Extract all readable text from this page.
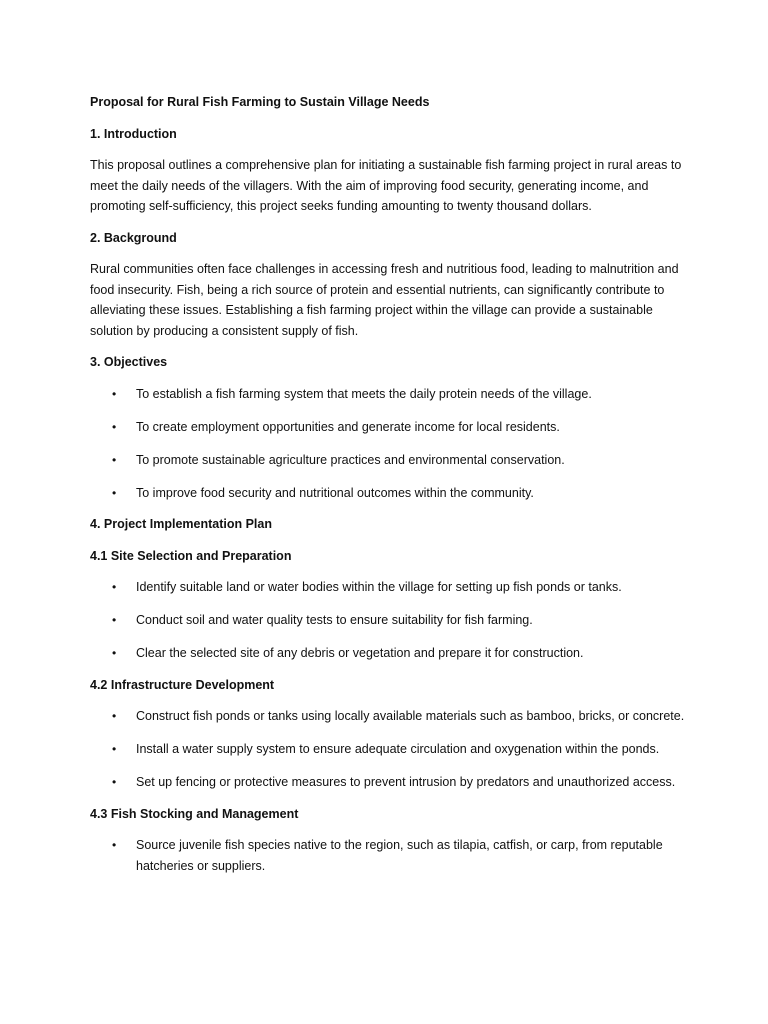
Proposal for Rural Fish Farming to Sustain Village Needs
1. Introduction

This proposal outlines a comprehensive plan for initiating a sustainable fish farming project in rural areas to meet the daily needs of the villagers. With the aim of improving food security, generating income, and promoting self-sufficiency, this project seeks funding amounting to twenty thousand dollars.

2. Background

Rural communities often face challenges in accessing fresh and nutritious food, leading to malnutrition and food insecurity. Fish, being a rich source of protein and essential nutrients, can significantly contribute to alleviating these issues. Establishing a fish farming project within the village can provide a sustainable solution by producing a consistent supply of fish.

3. Objectives
• To establish a fish farming system that meets the daily protein needs of the village.
• To create employment opportunities and generate income for local residents.
• To promote sustainable agriculture practices and environmental conservation.
• To improve food security and nutritional outcomes within the community.
4. Project Implementation Plan
4.1 Site Selection and Preparation
• Identify suitable land or water bodies within the village for setting up fish ponds or tanks.
• Conduct soil and water quality tests to ensure suitability for fish farming.
• Clear the selected site of any debris or vegetation and prepare it for construction.
4.2 Infrastructure Development
• Construct fish ponds or tanks using locally available materials such as bamboo, bricks, or concrete.
• Install a water supply system to ensure adequate circulation and oxygenation within the ponds.
• Set up fencing or protective measures to prevent intrusion by predators and unauthorized access.
4.3 Fish Stocking and Management
• Source juvenile fish species native to the region, such as tilapia, catfish, or carp, from reputable hatcheries or suppliers.
